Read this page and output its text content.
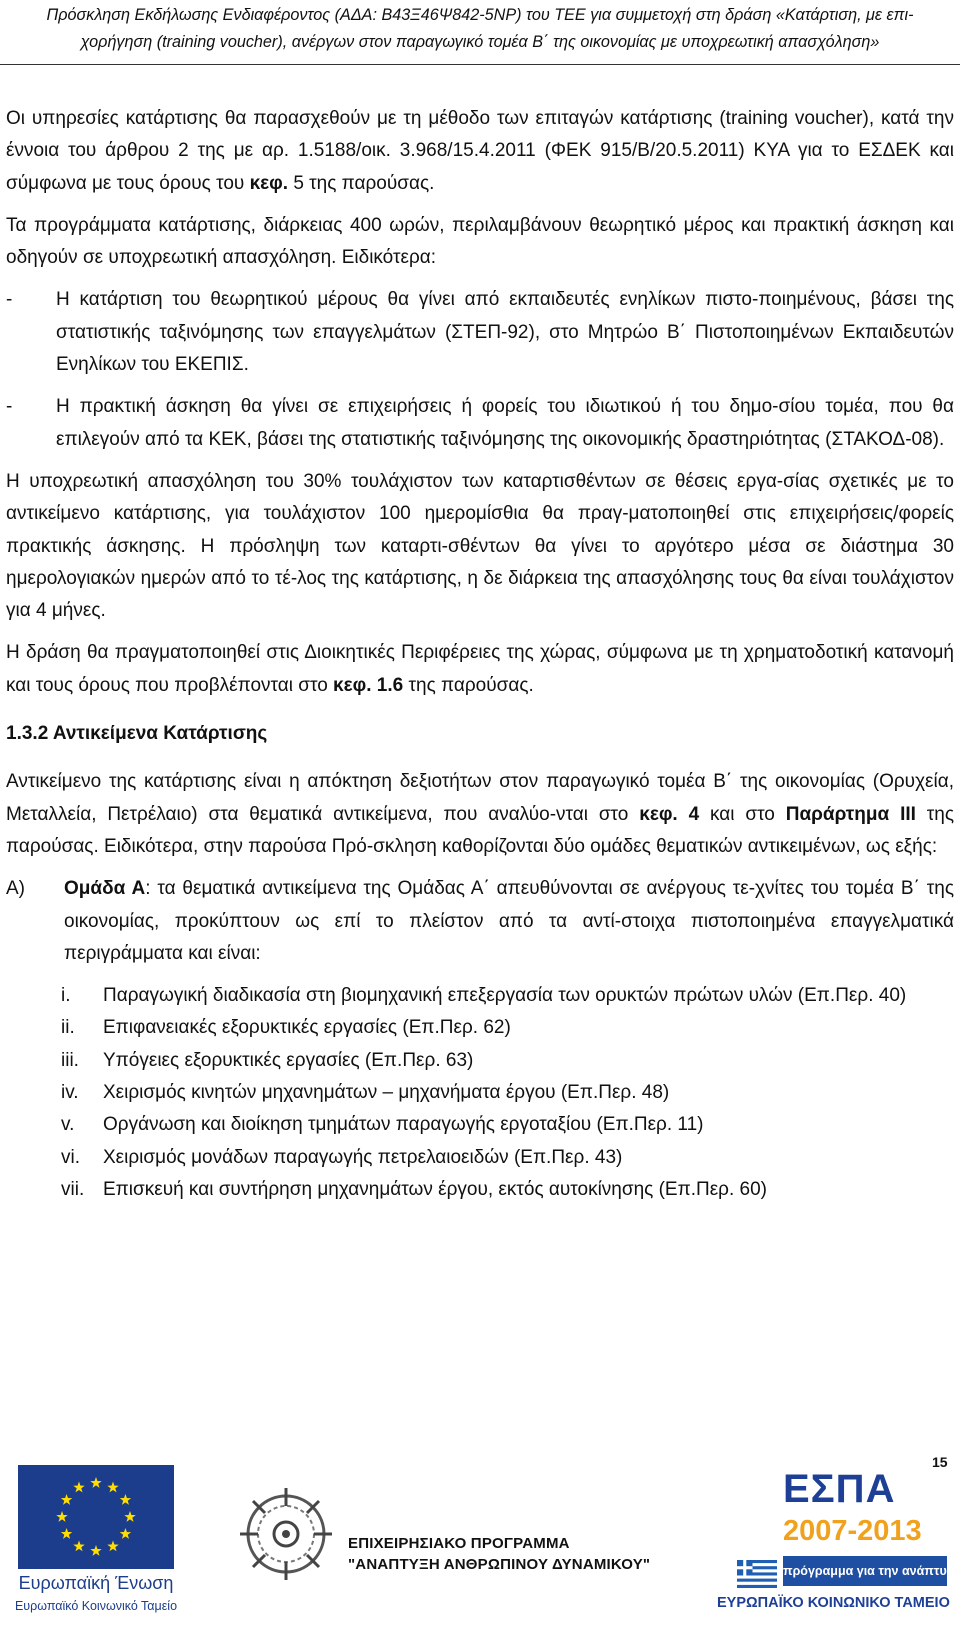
Πρόσκληση Εκδήλωσης Ενδιαφέροντος (ΑΔΑ: Β43Ξ46Ψ842-5ΝΡ) του ΤΕΕ για συμμετοχή στη δράση «Κατάρτιση, με επι-
χορήγηση (training voucher), ανέργων στον παραγωγικό τομέα Β΄ της οικονομίας με υποχρεωτική απασχόληση»

Οι υπηρεσίες κατάρτισης θα παρασχεθούν με τη μέθοδο των επιταγών κατάρτισης (training voucher), κατά την έννοια του άρθρου 2 της με αρ. 1.5188/οικ. 3.968/15.4.2011 (ΦΕΚ 915/Β/20.5.2011) ΚΥΑ για το ΕΣΔΕΚ και σύμφωνα με τους όρους του κεφ. 5 της παρούσας.

Τα προγράμματα κατάρτισης, διάρκειας 400 ωρών, περιλαμβάνουν θεωρητικό μέρος και πρακτική άσκηση και οδηγούν σε υποχρεωτική απασχόληση. Ειδικότερα:

-	Η κατάρτιση του θεωρητικού μέρους θα γίνει από εκπαιδευτές ενηλίκων πιστο-ποιημένους, βάσει της στατιστικής ταξινόμησης των επαγγελμάτων (ΣΤΕΠ-92), στο Μητρώο Β΄ Πιστοποιημένων Εκπαιδευτών Ενηλίκων του ΕΚΕΠΙΣ.
-	Η πρακτική άσκηση θα γίνει σε επιχειρήσεις ή φορείς του ιδιωτικού ή του δημο-σίου τομέα, που θα επιλεγούν από τα ΚΕΚ, βάσει της στατιστικής ταξινόμησης της οικονομικής δραστηριότητας (ΣΤΑΚΟΔ-08).

Η υποχρεωτική απασχόληση του 30% τουλάχιστον των καταρτισθέντων σε θέσεις εργα-σίας σχετικές με το αντικείμενο κατάρτισης, για τουλάχιστον 100 ημερομίσθια θα πραγ-ματοποιηθεί στις επιχειρήσεις/φορείς πρακτικής άσκησης. Η πρόσληψη των καταρτι-σθέντων θα γίνει το αργότερο μέσα σε διάστημα 30 ημερολογιακών ημερών από το τέ-λος της κατάρτισης, η δε διάρκεια της απασχόλησης τους θα είναι τουλάχιστον για 4 μήνες.

Η δράση θα πραγματοποιηθεί στις Διοικητικές Περιφέρειες της χώρας, σύμφωνα με τη χρηματοδοτική κατανομή και τους όρους που προβλέπονται στο κεφ. 1.6 της παρούσας.

1.3.2 Αντικείμενα Κατάρτισης

Αντικείμενο της κατάρτισης είναι η απόκτηση δεξιοτήτων στον παραγωγικό τομέα Β΄ της οικονομίας (Ορυχεία, Μεταλλεία, Πετρέλαιο) στα θεματικά αντικείμενα, που αναλύο-νται στο κεφ. 4 και στο Παράρτημα ΙΙΙ της παρούσας. Ειδικότερα, στην παρούσα Πρό-σκληση καθορίζονται δύο ομάδες θεματικών αντικειμένων, ως εξής:

Α)	Ομάδα Α: τα θεματικά αντικείμενα της Ομάδας Α΄ απευθύνονται σε ανέργους τε-χνίτες του τομέα Β΄ της οικονομίας, προκύπτουν ως επί το πλείστον από τα αντί-στοιχα πιστοποιημένα επαγγελματικά περιγράμματα και είναι:
i.	Παραγωγική διαδικασία στη βιομηχανική επεξεργασία των ορυκτών πρώτων υλών (Επ.Περ. 40)
ii.	Επιφανειακές εξορυκτικές εργασίες (Επ.Περ. 62)
iii.	Υπόγειες εξορυκτικές εργασίες (Επ.Περ. 63)
iv.	Χειρισμός κινητών μηχανημάτων – μηχανήματα έργου (Επ.Περ. 48)
v.	Οργάνωση και διοίκηση τμημάτων παραγωγής εργοταξίου (Επ.Περ. 11)
vi.	Χειρισμός μονάδων παραγωγής πετρελαιοειδών (Επ.Περ. 43)
vii. Επισκευή και συντήρηση μηχανημάτων έργου, εκτός αυτοκίνησης (Επ.Περ. 60)
15
Ευρωπαϊκή Ένωση
Ευρωπαϊκό Κοινωνικό Ταμείο
ΕΠΙΧΕΙΡΗΣΙΑΚΟ ΠΡΟΓΡΑΜΜΑ
"ΑΝΑΠΤΥΞΗ ΑΝΘΡΩΠΙΝΟΥ ΔΥΝΑΜΙΚΟΥ"
ΕΣΠΑ
2007-2013
πρόγραμμα για την ανάπτυξη
ΕΥΡΩΠΑΪΚΟ ΚΟΙΝΩΝΙΚΟ ΤΑΜΕΙΟ
